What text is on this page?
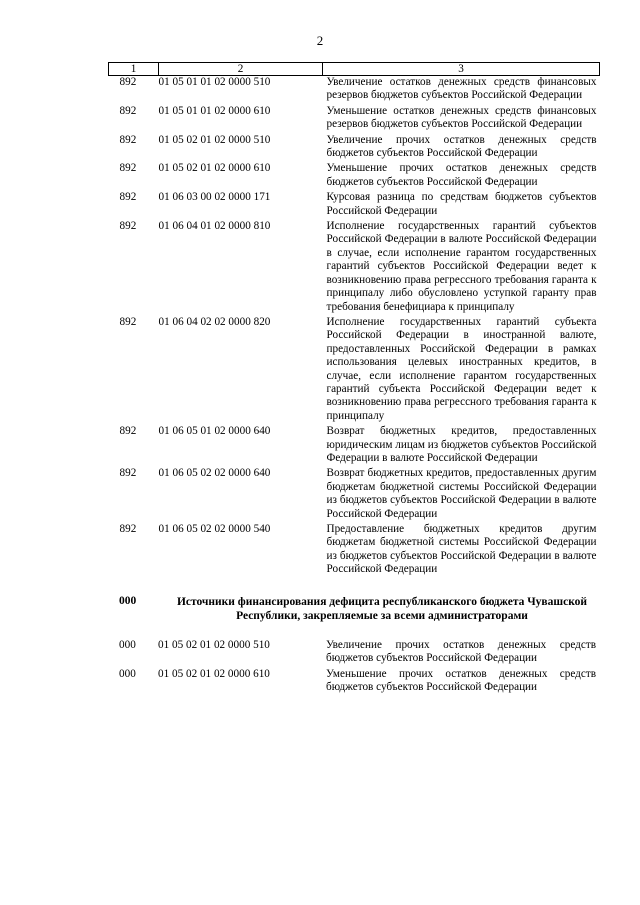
2
1	2	3
892	01 05 01 01 02 0000 510	Увеличение остатков денежных средств финансовых резервов бюджетов субъектов Российской Федерации
892	01 05 01 01 02 0000 610	Уменьшение остатков денежных средств финансовых резервов бюджетов субъектов Российской Федерации
892	01 05 02 01 02 0000 510	Увеличение прочих остатков денежных средств бюджетов субъектов Российской Федерации
892	01 05 02 01 02 0000 610	Уменьшение прочих остатков денежных средств бюджетов субъектов Российской Федерации
892	01 06 03 00 02 0000 171	Курсовая разница по средствам бюджетов субъектов Российской Федерации
892	01 06 04 01 02 0000 810	Исполнение государственных гарантий субъектов Российской Федерации в валюте Российской Федерации в случае, если исполнение гарантом государственных гарантий субъектов Российской Федерации ведет к возникновению права регрессного требования гаранта к принципалу либо обусловлено уступкой гаранту прав требования бенефициара к принципалу
892	01 06 04 02 02 0000 820	Исполнение государственных гарантий субъекта Российской Федерации в иностранной валюте, предоставленных Российской Федерации в рамках использования целевых иностранных кредитов, в случае, если исполнение гарантом государственных гарантий субъекта Российской Федерации ведет к возникновению права регрессного требования гаранта к принципалу
892	01 06 05 01 02 0000 640	Возврат бюджетных кредитов, предоставленных юридическим лицам из бюджетов субъектов Российской Федерации в валюте Российской Федерации
892	01 06 05 02 02 0000 640	Возврат бюджетных кредитов, предоставленных другим бюджетам бюджетной системы Российской Федерации из бюджетов субъектов Российской Федерации в валюте Российской Федерации
892	01 06 05 02 02 0000 540	Предоставление бюджетных кредитов другим бюджетам бюджетной системы Российской Федерации из бюджетов субъектов Российской Федерации в валюте Российской Федерации
000	Источники финансирования дефицита республиканского бюджета Чувашской Республики, закрепляемые за всеми администраторами
000	01 05 02 01 02 0000 510	Увеличение прочих остатков денежных средств бюджетов субъектов Российской Федерации
000	01 05 02 01 02 0000 610	Уменьшение прочих остатков денежных средств бюджетов субъектов Российской Федерации
